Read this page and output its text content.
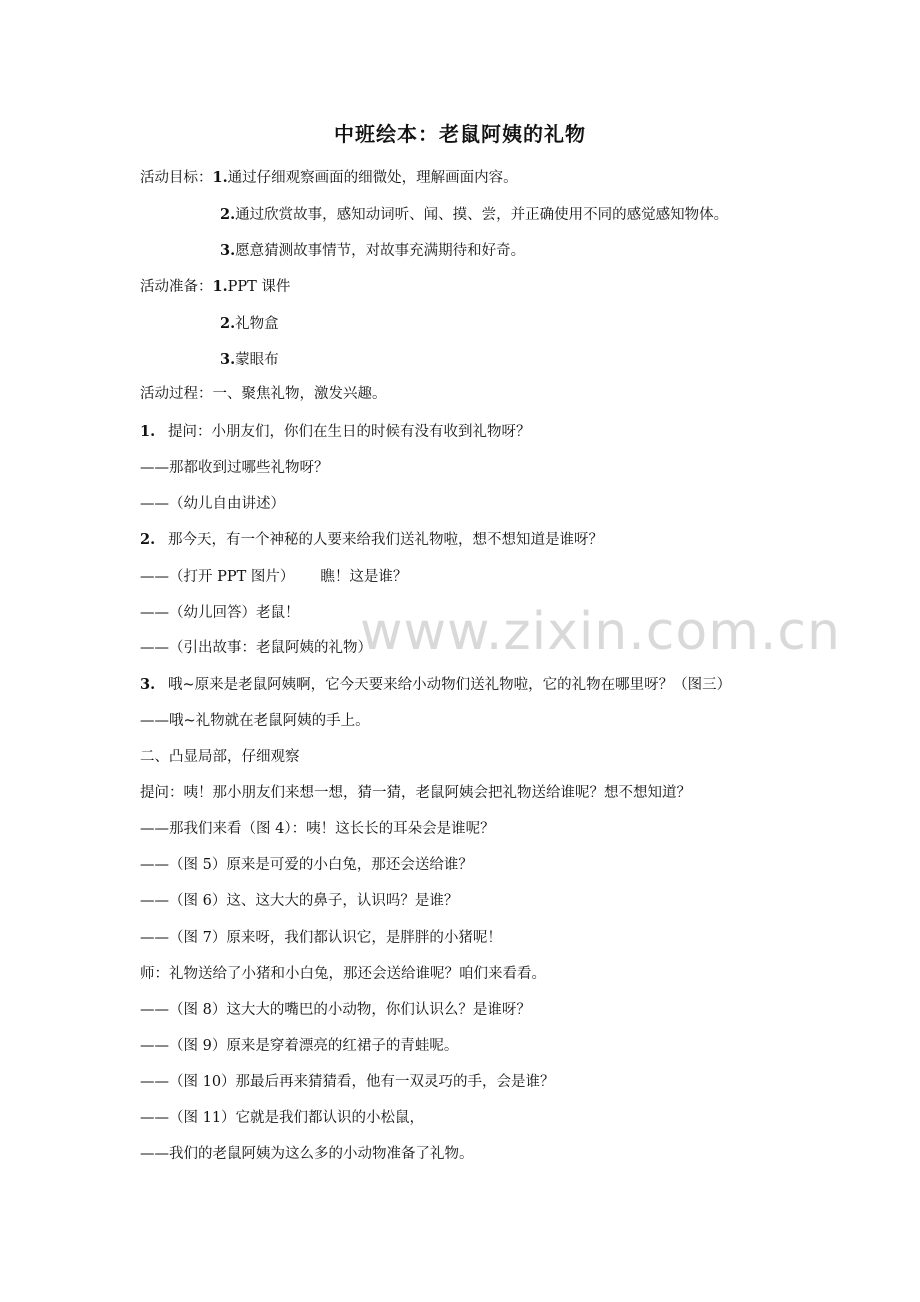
中班绘本：老鼠阿姨的礼物
活动目标：1.通过仔细观察画面的细微处，理解画面内容。
2.通过欣赏故事，感知动词听、闻、摸、尝，并正确使用不同的感觉感知物体。
3.愿意猜测故事情节，对故事充满期待和好奇。
活动准备：1.PPT 课件
2.礼物盒
3.蒙眼布
活动过程：一、聚焦礼物，激发兴趣。
1. 提问：小朋友们，你们在生日的时候有没有收到礼物呀？
——那都收到过哪些礼物呀？
——（幼儿自由讲述）
2. 那今天，有一个神秘的人要来给我们送礼物啦，想不想知道是谁呀？
——（打开 PPT 图片） 瞧！这是谁？
——（幼儿回答）老鼠！
——（引出故事：老鼠阿姨的礼物）
3. 哦~原来是老鼠阿姨啊，它今天要来给小动物们送礼物啦，它的礼物在哪里呀？（图三）
——哦~礼物就在老鼠阿姨的手上。
二、凸显局部，仔细观察
提问：咦！那小朋友们来想一想，猜一猜，老鼠阿姨会把礼物送给谁呢？想不想知道？
——那我们来看（图 4）：咦！这长长的耳朵会是谁呢？
——（图 5）原来是可爱的小白兔，那还会送给谁？
——（图 6）这、这大大的鼻子，认识吗？是谁？
——（图 7）原来呀，我们都认识它，是胖胖的小猪呢！
师：礼物送给了小猪和小白兔，那还会送给谁呢？咱们来看看。
——（图 8）这大大的嘴巴的小动物，你们认识么？是谁呀？
——（图 9）原来是穿着漂亮的红裙子的青蛙呢。
——（图 10）那最后再来猜猜看，他有一双灵巧的手，会是谁？
——（图 11）它就是我们都认识的小松鼠，
——我们的老鼠阿姨为这么多的小动物准备了礼物。
www.zixin.com.cn
